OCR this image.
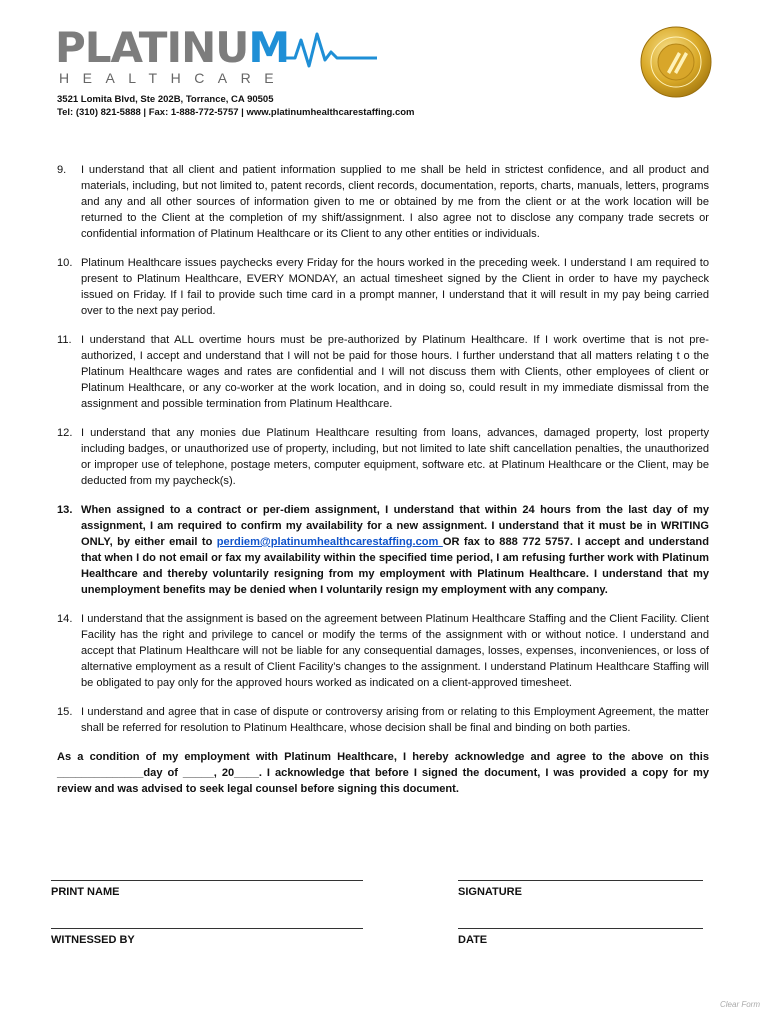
PLATINUM
HEALTHCARE
3521 Lomita Blvd, Ste 202B, Torrance, CA 90505
Tel: (310) 821-5888 | Fax: 1-888-772-5757 | www.platinumhealthcarestaffing.com
9. I understand that all client and patient information supplied to me shall be held in strictest confidence, and all product and materials, including, but not limited to, patent records, client records, documentation, reports, charts, manuals, letters, programs and any and all other sources of information given to me or obtained by me from the client or at the work location will be returned to the Client at the completion of my shift/assignment. I also agree not to disclose any company trade secrets or confidential information of Platinum Healthcare or its Client to any other entities or individuals.
10. Platinum Healthcare issues paychecks every Friday for the hours worked in the preceding week. I understand I am required to present to Platinum Healthcare, EVERY MONDAY, an actual timesheet signed by the Client in order to have my paycheck issued on Friday. If I fail to provide such time card in a prompt manner, I understand that it will result in my pay being carried over to the next pay period.
11. I understand that ALL overtime hours must be pre-authorized by Platinum Healthcare. If I work overtime that is not pre- authorized, I accept and understand that I will not be paid for those hours. I further understand that all matters relating t o the Platinum Healthcare wages and rates are confidential and I will not discuss them with Clients, other employees of client or Platinum Healthcare, or any co-worker at the work location, and in doing so, could result in my immediate dismissal from the assignment and possible termination from Platinum Healthcare.
12. I understand that any monies due Platinum Healthcare resulting from loans, advances, damaged property, lost property including badges, or unauthorized use of property, including, but not limited to late shift cancellation penalties, the unauthorized or improper use of telephone, postage meters, computer equipment, software etc. at Platinum Healthcare or the Client, may be deducted from my paycheck(s).
13. When assigned to a contract or per-diem assignment, I understand that within 24 hours from the last day of my assignment, I am required to confirm my availability for a new assignment. I understand that it must be in WRITING ONLY, by either email to perdiem@platinumhealthcarestaffing.com OR fax to 888 772 5757. I accept and understand that when I do not email or fax my availability within the specified time period, I am refusing further work with Platinum Healthcare and thereby voluntarily resigning from my employment with Platinum Healthcare. I understand that my unemployment benefits may be denied when I voluntarily resign my employment with any company.
14. I understand that the assignment is based on the agreement between Platinum Healthcare Staffing and the Client Facility. Client Facility has the right and privilege to cancel or modify the terms of the assignment with or without notice. I understand and accept that Platinum Healthcare will not be liable for any consequential damages, losses, expenses, inconveniences, or loss of alternative employment as a result of Client Facility’s changes to the assignment. I understand Platinum Healthcare Staffing will be obligated to pay only for the approved hours worked as indicated on a client-approved timesheet.
15. I understand and agree that in case of dispute or controversy arising from or relating to this Employment Agreement, the matter shall be referred for resolution to Platinum Healthcare, whose decision shall be final and binding on both parties.
As a condition of my employment with Platinum Healthcare, I hereby acknowledge and agree to the above on this ______________day of _____, 20____. I acknowledge that before I signed the document, I was provided a copy for my review and was advised to seek legal counsel before signing this document.
PRINT NAME	SIGNATURE
WITNESSED BY	DATE
Clear Form
